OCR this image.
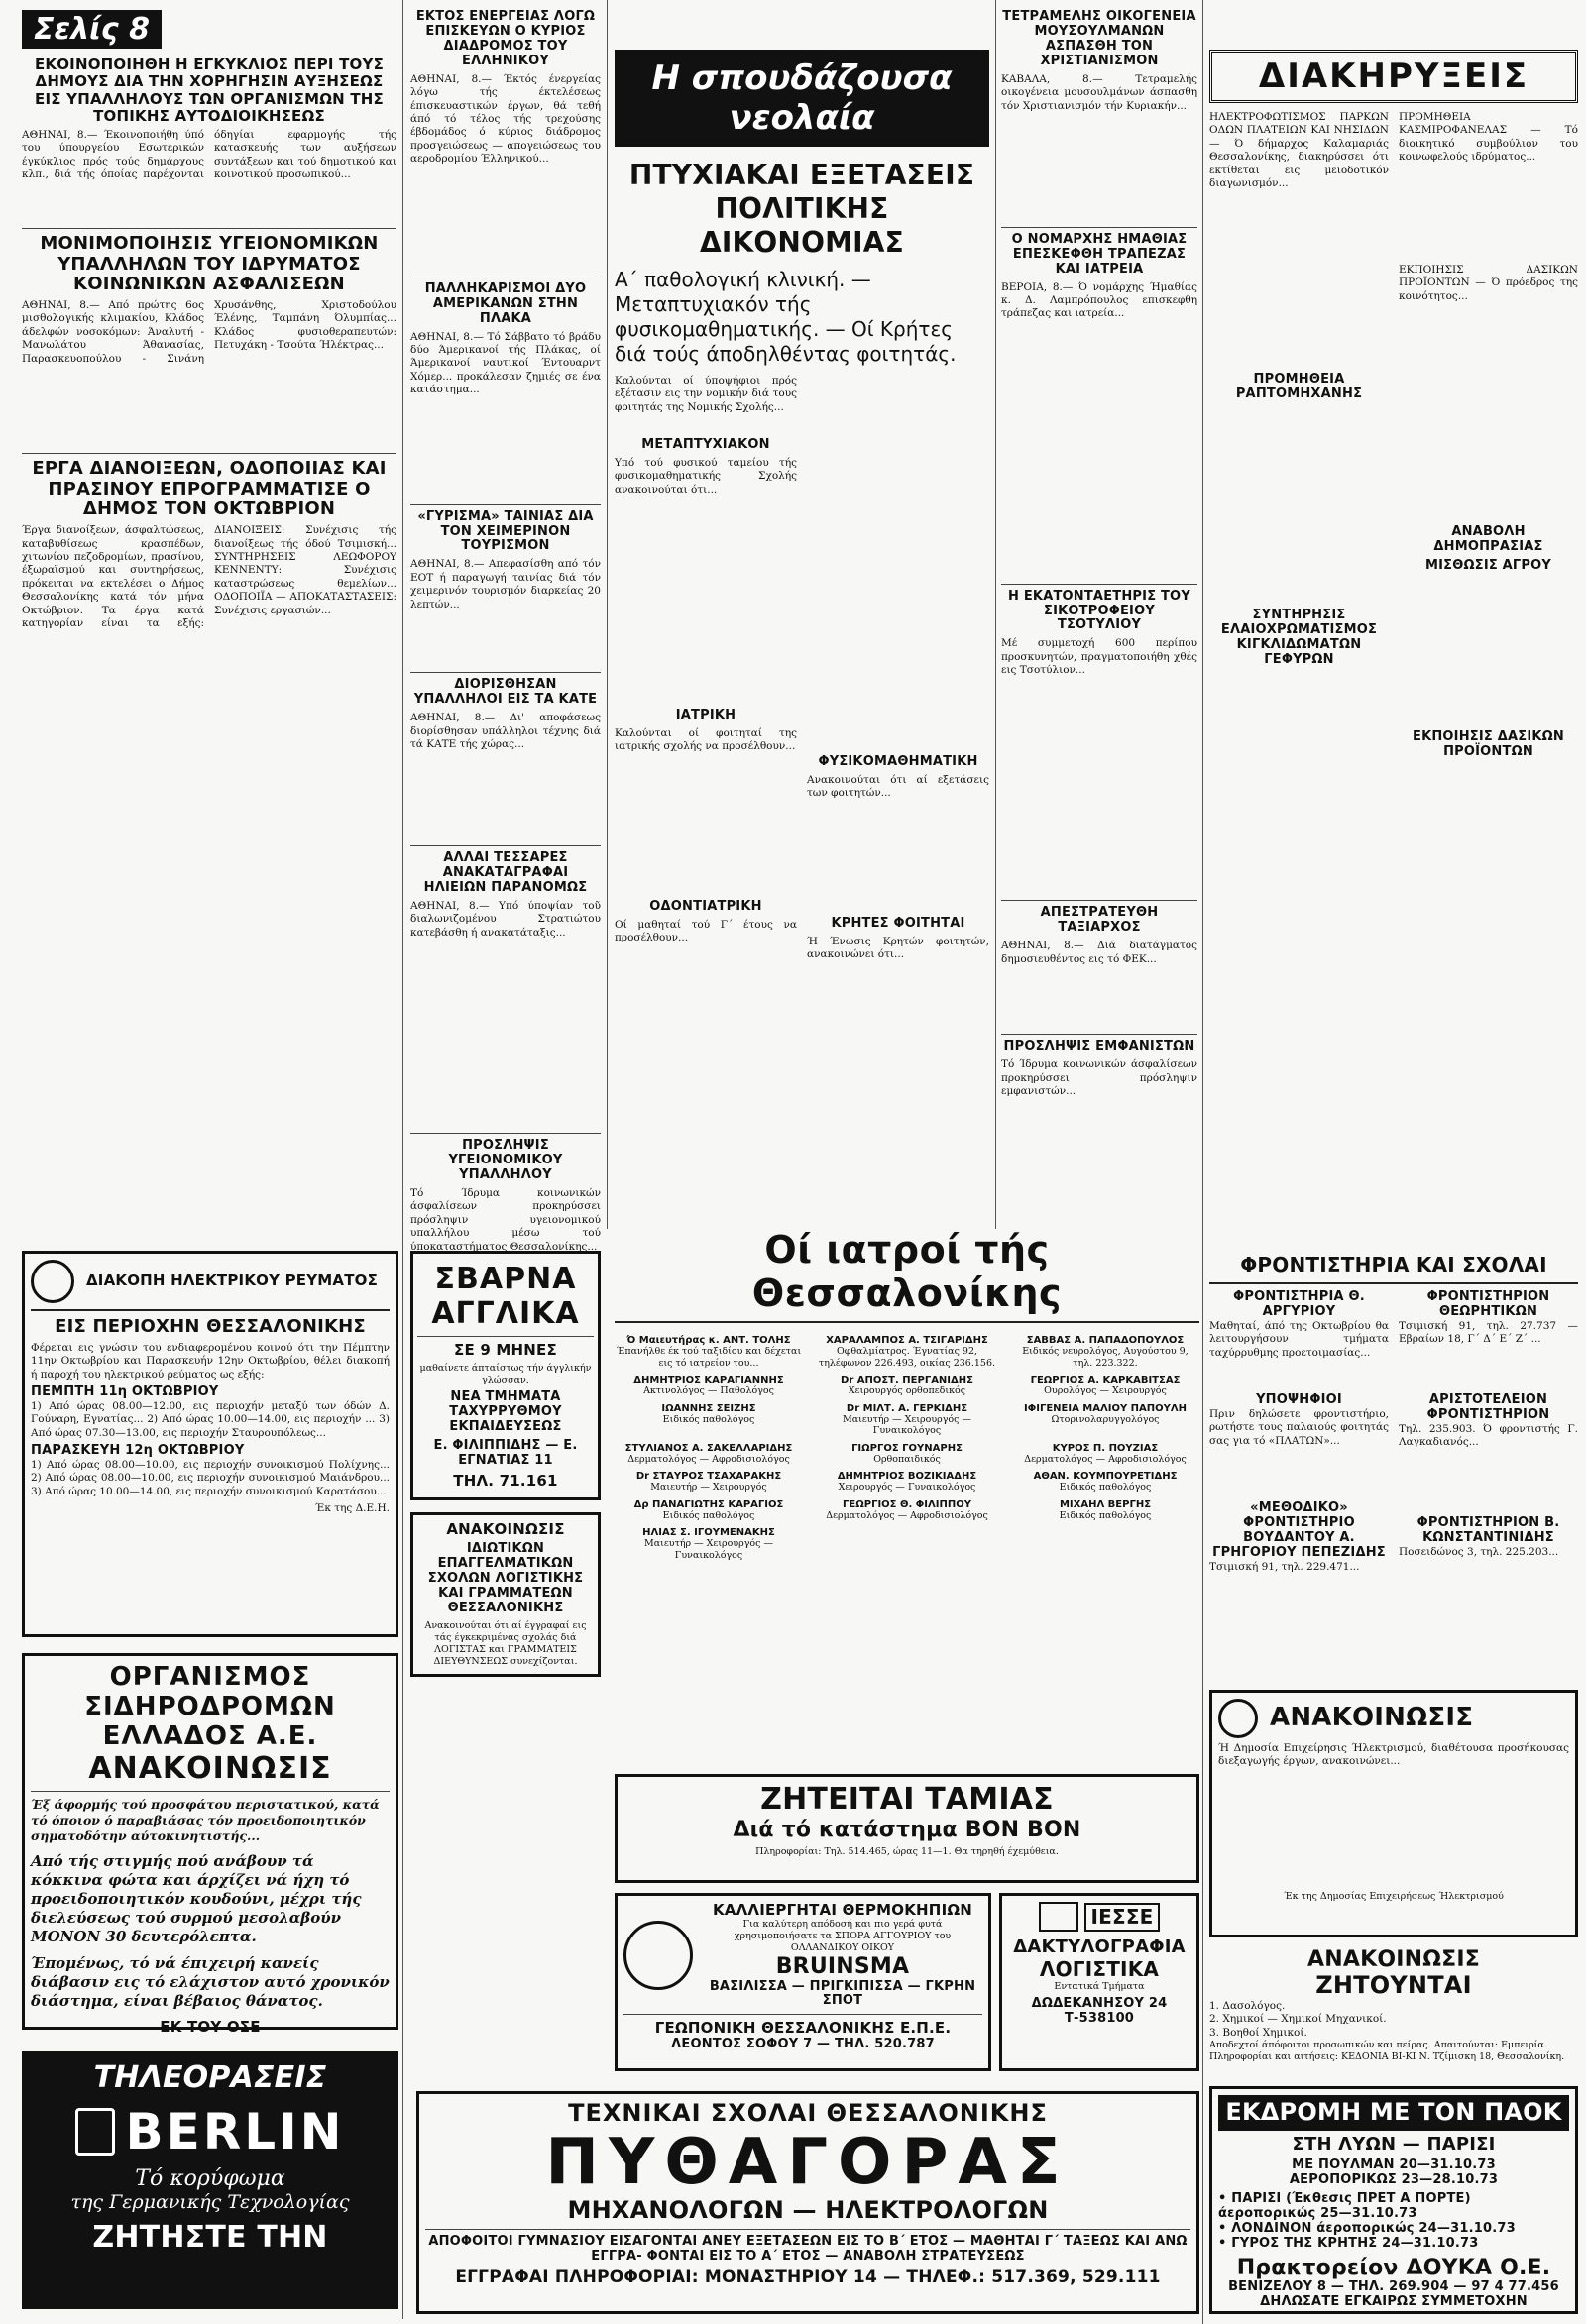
Σελίς 8
ΕΚΟΙΝΟΠΟΙΗΘΗ Η ΕΓΚΥΚΛΙΟΣ ΠΕΡΙ ΤΟΥΣ ΔΗΜΟΥΣ ΔΙΑ ΤΗΝ ΧΟΡΗΓΗΣΙΝ ΑΥΞΗΣΕΩΣ ΕΙΣ ΥΠΑΛΛΗΛΟΥΣ ΤΩΝ ΟΡΓΑΝΙΣΜΩΝ ΤΗΣ ΤΟΠΙΚΗΣ ΑΥΤΟΔΙΟΙΚΗΣΕΩΣ
ΑΘΗΝΑΙ, 8.— Έκοινοποιήθη ύπό του ύπουργείου Εσωτερικών έγκύκλιος πρός τούς δημάρχους κλπ., διά τής όποίας παρέχονται όδηγίαι εφαρμογής τής κατασκευής των αυξήσεων συντάξεων και τού δημοτικού και κοινοτικού προσωπικού...
ΜΟΝΙΜΟΠΟΙΗΣΙΣ ΥΓΕΙΟΝΟΜΙΚΩΝ ΥΠΑΛΛΗΛΩΝ ΤΟΥ ΙΔΡΥΜΑΤΟΣ ΚΟΙΝΩΝΙΚΩΝ ΑΣΦΑΛΙΣΕΩΝ
ΑΘΗΝΑΙ, 8.— Από πρώτης 6ος μισθολογικής κλιμακίου, Κλάδος άδελφών νοσοκόμων: Άναλυτή - Μανωλάτου Άθανασίας, Παρασκευοπούλου - Σινάνη Χρυσάνθης, Χριστοδούλου Έλένης, Ταμπάνη Όλυμπίας... Κλάδος φυσιοθεραπευτών: Πετυχάκη - Τσούτα Ήλέκτρας...
ΕΡΓΑ ΔΙΑΝΟΙΞΕΩΝ, ΟΔΟΠΟΙΙΑΣ ΚΑΙ ΠΡΑΣΙΝΟΥ ΕΠΡΟΓΡΑΜΜΑΤΙΣΕ Ο ΔΗΜΟΣ ΤΟΝ ΟΚΤΩΒΡΙΟΝ
Έργα διανοίξεων, άσφαλτώσεως, καταβυθίσεως κρασπέδων, χιτωνίου πεζοδρομίων, πρασίνου, έξωραϊσμού και συντηρήσεως, πρόκειται να εκτελέσει ο Δήμος Θεσσαλονίκης κατά τόν μήνα Οκτώβριον. Τα έργα κατά κατηγορίαν είναι τα εξής: ΔΙΑΝΟΙΞΕΙΣ: Συνέχισις τής διανοίξεως τής όδού Τσιμισκή... ΣΥΝΤΗΡΗΣΕΙΣ ΛΕΩΦΟΡΟΥ ΚΕΝΝΕΝΤΥ: Συνέχισις καταστρώσεως θεμελίων... ΟΔΟΠΟΙΪΑ — ΑΠΟΚΑΤΑΣΤΑΣΕΙΣ: Συνέχισις εργασιών...
ΕΚΤΟΣ ΕΝΕΡΓΕΙΑΣ ΛΟΓΩ ΕΠΙΣΚΕΥΩΝ Ο ΚΥΡΙΟΣ ΔΙΑΔΡΟΜΟΣ ΤΟΥ ΕΛΛΗΝΙΚΟΥ
ΑΘΗΝΑΙ, 8.— Έκτός ένεργείας λόγω τής έκτελέσεως έπισκευαστικών έργων, θά τεθή άπό τό τέλος τής τρεχούσης έβδομάδος ό κύριος διάδρομος προσγειώσεως — απογειώσεως του αεροδρομίου Έλληνικού...
ΠΑΛΛΗΚΑΡΙΣΜΟΙ ΔΥΟ ΑΜΕΡΙΚΑΝΩΝ ΣΤΗΝ ΠΛΑΚΑ
ΑΘΗΝΑΙ, 8.— Τό Σάββατο τό βράδυ δύο Άμερικανοί τής Πλάκας, οί Άμερικανοί ναυτικοί Έντουαρντ Χόμερ... προκάλεσαν ζημιές σε ένα κατάστημα...
«ΓΥΡΙΣΜΑ» ΤΑΙΝΙΑΣ ΔΙΑ ΤΟΝ ΧΕΙΜΕΡΙΝΟΝ ΤΟΥΡΙΣΜΟΝ
ΑΘΗΝΑΙ, 8.— Απεφασίσθη από τόν ΕΟΤ ή παραγωγή ταινίας διά τόν χειμερινόν τουρισμόν διαρκείας 20 λεπτών...
ΔΙΟΡΙΣΘΗΣΑΝ ΥΠΑΛΛΗΛΟΙ ΕΙΣ ΤΑ ΚΑΤΕ
ΑΘΗΝΑΙ, 8.— Δι' αποφάσεως διορίσθησαν υπάλληλοι τέχνης διά τά ΚΑΤΕ τής χώρας...
ΑΛΛΑΙ ΤΕΣΣΑΡΕΣ ΑΝΑΚΑΤΑΓΡΑΦΑΙ ΗΛΙΕΙΩΝ ΠΑΡΑΝΟΜΩΣ
ΑΘΗΝΑΙ, 8.— Υπό ύποψίαν τοῦ διαλωνιζομένου Στρατιώτου κατεβάσθη ή ανακατάταξις...
ΠΡΟΣΛΗΨΙΣ ΥΓΕΙΟΝΟΜΙΚΟΥ ΥΠΑΛΛΗΛΟΥ
Τό Ίδρυμα κοινωνικών άσφαλίσεων προκηρύσσει πρόσληψιν υγειονομικού υπαλλήλου μέσω τού ύποκαταστήματος Θεσσαλονίκης...
Η σπουδάζουσα νεολαία
ΠΤΥΧΙΑΚΑΙ ΕΞΕΤΑΣΕΙΣ ΠΟΛΙΤΙΚΗΣ ΔΙΚΟΝΟΜΙΑΣ
Α΄ παθολογική κλινική. — Μεταπτυχιακόν τής φυσικομαθηματικής. — Οί Κρήτες διά τούς άποδηλθέντας φοιτητάς.
Καλούνται οί ύποψήφιοι πρός εξέτασιν εις την νομικήν διά τους φοιτητάς της Νομικής Σχολής...
ΜΕΤΑΠΤΥΧΙΑΚΟΝ
Υπό τού φυσικού ταμείου τής φυσικομαθηματικής Σχολής ανακοινούται ότι...
ΙΑΤΡΙΚΗ
Καλούνται οί φοιτηταί της ιατρικής σχολής να προσέλθουν...
ΟΔΟΝΤΙΑΤΡΙΚΗ
Οί μαθηταί τού Γ΄ έτους να προσέλθουν...
ΦΥΣΙΚΟΜΑΘΗΜΑΤΙΚΗ
Ανακοινούται ότι αί εξετάσεις των φοιτητών...
ΚΡΗΤΕΣ ΦΟΙΤΗΤΑΙ
Ή Ένωσις Κρητών φοιτητών, ανακοινώνει ότι...
ΤΕΤΡΑΜΕΛΗΣ ΟΙΚΟΓΕΝΕΙΑ ΜΟΥΣΟΥΛΜΑΝΩΝ ΑΣΠΑΣΘΗ ΤΟΝ ΧΡΙΣΤΙΑΝΙΣΜΟΝ
ΚΑΒΑΛΑ, 8.— Τετραμελής οικογένεια μουσουλμάνων άσπασθη τόν Χριστιανισμόν τήν Κυριακήν...
Ο ΝΟΜΑΡΧΗΣ ΗΜΑΘΙΑΣ ΕΠΕΣΚΕΦΘΗ ΤΡΑΠΕΖΑΣ ΚΑΙ ΙΑΤΡΕΙΑ
ΒΕΡΟΙΑ, 8.— Ό νομάρχης Ήμαθίας κ. Δ. Λαμπρόπουλος επισκεφθη τράπεζας και ιατρεία...
Η ΕΚΑΤΟΝΤΑΕΤΗΡΙΣ ΤΟΥ ΣΙΚΟΤΡΟΦΕΙΟΥ ΤΣΟΤΥΛΙΟΥ
Μέ συμμετοχή 600 περίπου προσκυνητών, πραγματοποιήθη χθές εις Τσοτύλιον...
ΑΠΕΣΤΡΑΤΕΥΘΗ ΤΑΞΙΑΡΧΟΣ
ΑΘΗΝΑΙ, 8.— Διά διατάγματος δημοσιευθέντος εις τό ΦΕΚ...
ΠΡΟΣΛΗΨΙΣ ΕΜΦΑΝΙΣΤΩΝ
Τό Ίδρυμα κοινωνικών άσφαλίσεων προκηρύσσει πρόσληψιν εμφανιστών...
ΔΙΑΚΗΡΥΞΕΙΣ
ΗΛΕΚΤΡΟΦΩΤΙΣΜΟΣ ΠΑΡΚΩΝ ΟΔΩΝ ΠΛΑΤΕΙΩΝ ΚΑΙ ΝΗΣΙΔΩΝ — Ό δήμαρχος Καλαμαριάς Θεσσαλονίκης, διακηρύσσει ότι εκτίθεται εις μειοδοτικόν διαγωνισμόν...
ΠΡΟΜΗΘΕΙΑ ΡΑΠΤΟΜΗΧΑΝΗΣ
ΣΥΝΤΗΡΗΣΙΣ ΕΛΑΙΟΧΡΩΜΑΤΙΣΜΟΣ ΚΙΓΚΛΙΔΩΜΑΤΩΝ ΓΕΦΥΡΩΝ
ΠΡΟΜΗΘΕΙΑ ΚΑΣΜΙΡΟΦΑΝΕΛΑΣ — Τό διοικητικό συμβούλιον του κοινωφελούς ιδρύματος...
ΕΚΠΟΙΗΣΙΣ ΔΑΣΙΚΩΝ ΠΡΟΪΟΝΤΩΝ — Ό πρόεδρος της κοινότητος...
ΑΝΑΒΟΛΗ ΔΗΜΟΠΡΑΣΙΑΣ
ΜΙΣΘΩΣΙΣ ΑΓΡΟΥ
ΕΚΠΟΙΗΣΙΣ ΔΑΣΙΚΩΝ ΠΡΟΪΟΝΤΩΝ
ΔΙΑΚΟΠΗ ΗΛΕΚΤΡΙΚΟΥ ΡΕΥΜΑΤΟΣ
ΕΙΣ ΠΕΡΙΟΧΗΝ ΘΕΣΣΑΛΟΝΙΚΗΣ
Φέρεται εις γνώσιν του ενδιαφερομένου κοινού ότι την Πέμπτην 11ην Οκτωβρίου και Παρασκευήν 12ην Οκτωβρίου, θέλει διακοπή ή παροχή του ηλεκτρικού ρεύματος ως εξής:
ΠΕΜΠΤΗ 11η ΟΚΤΩΒΡΙΟΥ
1) Από ώρας 08.00—12.00, εις περιοχήν μεταξύ των όδών Δ. Γούναρη, Εγνατίας... 2) Από ώρας 10.00—14.00, εις περιοχήν ... 3) Από ώρας 07.30—13.00, εις περιοχήν Σταυρουπόλεως...
ΠΑΡΑΣΚΕΥΗ 12η ΟΚΤΩΒΡΙΟΥ
1) Από ώρας 08.00—10.00, εις περιοχήν συνοικισμού Πολίχνης... 2) Από ώρας 08.00—10.00, εις περιοχήν συνοικισμού Μαιάνδρου... 3) Από ώρας 10.00—14.00, εις περιοχήν συνοικισμού Καρατάσου...
Έκ της Δ.Ε.Η.
ΟΡΓΑΝΙΣΜΟΣ
ΣΙΔΗΡΟΔΡΟΜΩΝ ΕΛΛΑΔΟΣ Α.Ε.
ΑΝΑΚΟΙΝΩΣΙΣ
Έξ άφορμής τού προσφάτου περιστατικού, κατά τό όποιον ό παραβιάσας τόν προειδοποιητικόν σηματοδότην αύτοκινητιστής...
Από τής στιγμής πού ανάβουν τά κόκκινα φώτα και άρχίζει νά ήχη τό προειδοποιητικόν κουδούνι, μέχρι τής διελεύσεως τού συρμού μεσολαβούν ΜΟΝΟΝ 30 δευτερόλεπτα.
Έπομένως, τό νά έπιχειρή κανείς διάβασιν εις τό ελάχιστον αυτό χρονικόν διάστημα, είναι βέβαιος θάνατος.
ΕΚ ΤΟΥ ΟΣΕ
ΤΗΛΕΟΡΑΣΕΙΣ
BERLIN
Τό κορύφωμα
της Γερμανικής Τεχνολογίας
ΖΗΤΗΣΤΕ ΤΗΝ
ΣΒΑΡΝΑ
ΑΓΓΛΙΚΑ
ΣΕ 9 ΜΗΝΕΣ
μαθαίνετε άπταίστως τήν άγγλικήν γλώσσαν.
ΝΕΑ ΤΜΗΜΑΤΑ ΤΑΧΥΡΡΥΘΜΟΥ ΕΚΠΑΙΔΕΥΣΕΩΣ
Ε. ΦΙΛΙΠΠΙΔΗΣ — Ε. ΕΓΝΑΤΙΑΣ 11
ΤΗΛ. 71.161
ΑΝΑΚΟΙΝΩΣΙΣ
ΙΔΙΩΤΙΚΩΝ ΕΠΑΓΓΕΛΜΑΤΙΚΩΝ ΣΧΟΛΩΝ ΛΟΓΙΣΤΙΚΗΣ ΚΑΙ ΓΡΑΜΜΑΤΕΩΝ ΘΕΣΣΑΛΟΝΙΚΗΣ
Ανακοινούται ότι αί έγγραφαί εις τάς έγκεκριμένας σχολάς διά ΛΟΓΙΣΤΑΣ και ΓΡΑΜΜΑΤΕΙΣ ΔΙΕΥΘΥΝΣΕΩΣ συνεχίζονται.
Οί ιατροί τής Θεσσαλονίκης
Ό Μαιευτήρας κ. ΑΝΤ. ΤΟΛΗΣ
Έπανήλθε έκ τού ταξιδίου και δέχεται εις τό ιατρείον του...
ΧΑΡΑΛΑΜΠΟΣ Α. ΤΣΙΓΑΡΙΔΗΣ
Οφθαλμίατρος. Έγνατίας 92, τηλέφωνον 226.493, οικίας 236.156.
ΣΑΒΒΑΣ Α. ΠΑΠΑΔΟΠΟΥΛΟΣ
Ειδικός νευρολόγος, Αυγούστου 9, τηλ. 223.322.
ΔΗΜΗΤΡΙΟΣ ΚΑΡΑΓΙΑΝΝΗΣ
Ακτινολόγος — Παθολόγος
Dr ΑΠΟΣΤ. ΠΕΡΓΑΝΙΔΗΣ
Χειρουργός ορθοπεδικός
ΓΕΩΡΓΙΟΣ Α. ΚΑΡΚΑΒΙΤΣΑΣ
Ουρολόγος — Χειρουργός
ΙΩΑΝΝΗΣ ΣΕΙΖΗΣ
Ειδικός παθολόγος
Dr ΜΙΛΤ. Α. ΓΕΡΚΙΔΗΣ
Μαιευτήρ — Χειρουργός — Γυναικολόγος
ΙΦΙΓΕΝΕΙΑ ΜΑΛΙΟΥ ΠΑΠΟΥΛΗ
Ωτορινολαρυγγολόγος
ΣΤΥΛΙΑΝΟΣ Α. ΣΑΚΕΛΛΑΡΙΔΗΣ
Δερματολόγος — Αφροδισιολόγος
ΓΙΩΡΓΟΣ ΓΟΥΝΑΡΗΣ
Ορθοπαιδικός
ΚΥΡΟΣ Π. ΠΟΥΖΙΑΣ
Δερματολόγος — Αφροδισιολόγος
Dr ΣΤΑΥΡΟΣ ΤΣΑΧΑΡΑΚΗΣ
Μαιευτήρ — Χειρουργός
ΔΗΜΗΤΡΙΟΣ ΒΟΖΙΚΙΑΔΗΣ
Χειρουργός — Γυναικολόγος
ΑΘΑΝ. ΚΟΥΜΠΟΥΡΕΤΙΔΗΣ
Ειδικός παθολόγος
Δρ ΠΑΝΑΓΙΩΤΗΣ ΚΑΡΑΓΙΟΣ
Ειδικός παθολόγος
ΓΕΩΡΓΙΟΣ Θ. ΦΙΛΙΠΠΟΥ
Δερματολόγος — Αφροδισιολόγος
ΜΙΧΑΗΛ ΒΕΡΓΗΣ
Ειδικός παθολόγος
ΗΛΙΑΣ Σ. ΙΓΟΥΜΕΝΑΚΗΣ
Μαιευτήρ — Χειρουργός — Γυναικολόγος
ΖΗΤΕΙΤΑΙ ΤΑΜΙΑΣ
Διά τό κατάστημα BON BON
Πληροφορίαι: Τηλ. 514.465, ώρας 11—1. Θα τηρηθή έχεμύθεια.
ΚΑΛΛΙΕΡΓΗΤΑΙ ΘΕΡΜΟΚΗΠΙΩΝ
Για καλύτερη απόδοσή και πιο γερά φυτά χρησιμοποιήσατε τα ΣΠΟΡΑ ΑΓΓΟΥΡΙΟΥ του ΟΛΛΑΝΔΙΚΟΥ ΟΙΚΟΥ
BRUINSMA
ΒΑΣΙΛΙΣΣΑ — ΠΡΙΓΚΙΠΙΣΣΑ — ΓΚΡΗΝ ΣΠΟΤ
ΓΕΩΠΟΝΙΚΗ ΘΕΣΣΑΛΟΝΙΚΗΣ Ε.Π.Ε.
ΛΕΟΝΤΟΣ ΣΟΦΟΥ 7 — ΤΗΛ. 520.787
ΙΕΣΣΕ
ΔΑΚΤΥΛΟΓΡΑΦΙΑ
ΛΟΓΙΣΤΙΚΑ
Εντατικά Τμήματα
ΔΩΔΕΚΑΝΗΣΟΥ 24 Τ-538100
ΤΕΧΝΙΚΑΙ ΣΧΟΛΑΙ ΘΕΣΣΑΛΟΝΙΚΗΣ
ΠΥΘΑΓΟΡΑΣ
ΜΗΧΑΝΟΛΟΓΩΝ — ΗΛΕΚΤΡΟΛΟΓΩΝ
ΑΠΟΦΟΙΤΟΙ ΓΥΜΝΑΣΙΟΥ ΕΙΣΑΓΟΝΤΑΙ ΑΝΕΥ ΕΞΕΤΑΣΕΩΝ ΕΙΣ ΤΟ Β΄ ΕΤΟΣ — ΜΑΘΗΤΑΙ Γ΄ ΤΑΞΕΩΣ ΚΑΙ ΑΝΩ ΕΓΓΡΑ- ΦΟΝΤΑΙ ΕΙΣ ΤΟ Α΄ ΕΤΟΣ — ΑΝΑΒΟΛΗ ΣΤΡΑΤΕΥΣΕΩΣ
ΕΓΓΡΑΦΑΙ ΠΛΗΡΟΦΟΡΙΑΙ: ΜΟΝΑΣΤΗΡΙΟΥ 14 — ΤΗΛΕΦ.: 517.369, 529.111
ΦΡΟΝΤΙΣΤΗΡΙΑ ΚΑΙ ΣΧΟΛΑΙ
ΦΡΟΝΤΙΣΤΗΡΙΑ Θ. ΑΡΓΥΡΙΟΥ
Μαθηταί, άπό της Οκτωβρίου θα λειτουργήσουν τμήματα ταχύρρυθμης προετοιμασίας...
ΥΠΟΨΗΦΙΟΙ
Πριν δηλώσετε φροντιστήριο, ρωτήστε τους παλαιούς φοιτητάς σας για τό «ΠΛΑΤΩΝ»...
«ΜΕΘΟΔΙΚΟ» ΦΡΟΝΤΙΣΤΗΡΙΟ ΒΟΥΔΑΝΤΟΥ Α. ΓΡΗΓΟΡΙΟΥ ΠΕΠΕΖΙΔΗΣ
Τσιμισκή 91, τηλ. 229.471...
ΦΡΟΝΤΙΣΤΗΡΙΟΝ ΘΕΩΡΗΤΙΚΩΝ
Τσιμισκή 91, τηλ. 27.737 — Εβραίων 18, Γ΄ Δ΄ Ε΄ Ζ΄ ...
ΑΡΙΣΤΟΤΕΛΕΙΟΝ ΦΡΟΝΤΙΣΤΗΡΙΟΝ
Τηλ. 235.903. Ό φροντιστής Γ. Λαγκαδιανός...
ΦΡΟΝΤΙΣΤΗΡΙΟΝ Β. ΚΩΝΣΤΑΝΤΙΝΙΔΗΣ
Ποσειδώνος 3, τηλ. 225.203...
ΑΝΑΚΟΙΝΩΣΙΣ
Ή Δημοσία Επιχείρησις Ήλεκτρισμού, διαθέτουσα προσήκουσας διεξαγωγής έργων, ανακοινώνει...
Έκ της Δημοσίας Επιχειρήσεως Ήλεκτρισμού
ΑΝΑΚΟΙΝΩΣΙΣ
ΖΗΤΟΥΝΤΑΙ
1. Δασολόγος.
2. Χημικοί — Χημικοί Μηχανικοί.
3. Βοηθοί Χημικοί.
Αποδεχτοί άπόφοιτοι προσωπικών και πείρας. Απαιτούνται: Εμπειρία. Πληροφορίαι και αιτήσεις: ΚΕΔΟΝΙΑ ΒΙ-ΚΙ Ν. Τζίμισκη 18, Θεσσαλονίκη.
ΕΚΔΡΟΜΗ ΜΕ ΤΟΝ ΠΑΟΚ
ΣΤΗ ΛΥΩΝ — ΠΑΡΙΣΙ
ΜΕ ΠΟΥΛΜΑΝ 20—31.10.73
ΑΕΡΟΠΟΡΙΚΩΣ 23—28.10.73
• ΠΑΡΙΣΙ (Έκθεσις ΠΡΕΤ Α ΠΟΡΤΕ) άεροπορικώς 25—31.10.73
• ΛΟΝΔΙΝΟΝ άεροπορικώς 24—31.10.73
• ΓΥΡΟΣ ΤΗΣ ΚΡΗΤΗΣ 24—31.10.73
Πρακτορείον ΔΟΥΚΑ Ο.Ε.
ΒΕΝΙΖΕΛΟΥ 8 — ΤΗΛ. 269.904 — 97 4 77.456
ΔΗΛΩΣΑΤΕ ΕΓΚΑΙΡΩΣ ΣΥΜΜΕΤΟΧΗΝ
